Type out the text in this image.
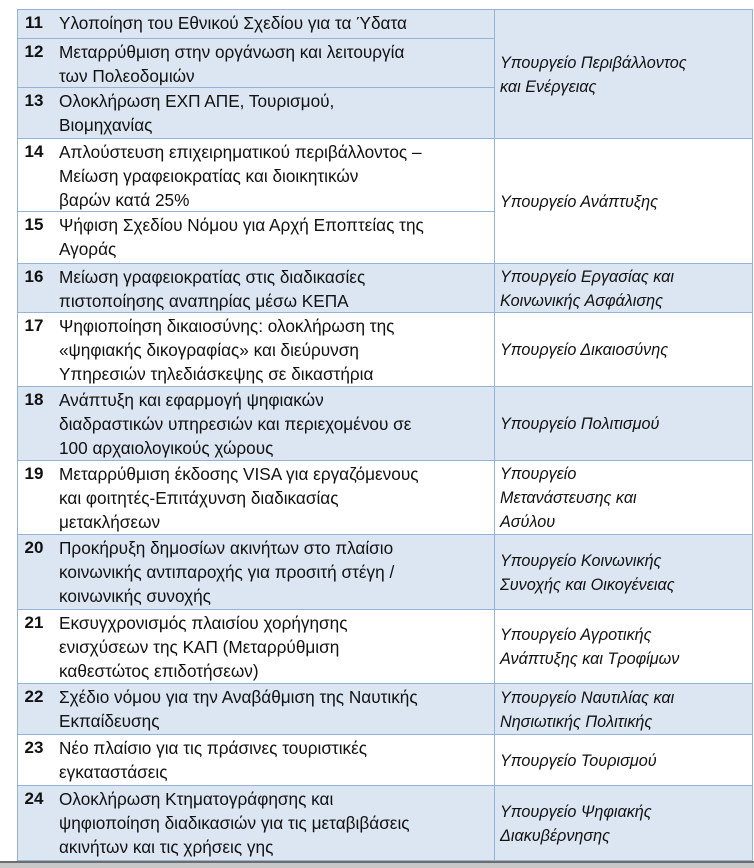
11 Υλοποίηση του Εθνικού Σχεδίου για τα Ύδατα
12 Μεταρρύθμιση στην οργάνωση και λειτουργία
των Πολεοδομιών
13 Ολοκλήρωση ΕΧΠ ΑΠΕ, Τουρισμού,
Βιομηχανίας
14 Απλούστευση επιχειρηματικού περιβάλλοντος –
Μείωση γραφειοκρατίας και διοικητικών
βαρών κατά 25%
15 Ψήφιση Σχεδίου Νόμου για Αρχή Εποπτείας της
Αγοράς
16 Μείωση γραφειοκρατίας στις διαδικασίες
πιστοποίησης αναπηρίας μέσω ΚΕΠΑ
17 Ψηφιοποίηση δικαιοσύνης: ολοκλήρωση της
«ψηφιακής δικογραφίας» και διεύρυνση
Υπηρεσιών τηλεδιάσκεψης σε δικαστήρια
18 Ανάπτυξη και εφαρμογή ψηφιακών
διαδραστικών υπηρεσιών και περιεχομένου σε
100 αρχαιολογικούς χώρους
19 Μεταρρύθμιση έκδοσης VISA για εργαζόμενους
και φοιτητές-Επιτάχυνση διαδικασίας
μετακλήσεων
20 Προκήρυξη δημοσίων ακινήτων στο πλαίσιο
κοινωνικής αντιπαροχής για προσιτή στέγη /
κοινωνικής συνοχής
21 Εκσυγχρονισμός πλαισίου χορήγησης
ενισχύσεων της ΚΑΠ (Μεταρρύθμιση
καθεστώτος επιδοτήσεων)
22 Σχέδιο νόμου για την Αναβάθμιση της Ναυτικής
Εκπαίδευσης
23 Νέο πλαίσιο για τις πράσινες τουριστικές
εγκαταστάσεις
24 Ολοκλήρωση Κτηματογράφησης και
ψηφιοποίηση διαδικασιών για τις μεταβιβάσεις
ακινήτων και τις χρήσεις γης
Υπουργείο Περιβάλλοντος
και Ενέργειας
Υπουργείο Ανάπτυξης
Υπουργείο Εργασίας και
Κοινωνικής Ασφάλισης
Υπουργείο Δικαιοσύνης
Υπουργείο Πολιτισμού
Υπουργείο
Μετανάστευσης και
Ασύλου
Υπουργείο Κοινωνικής
Συνοχής και Οικογένειας
Υπουργείο Αγροτικής
Ανάπτυξης και Τροφίμων
Υπουργείο Ναυτιλίας και
Νησιωτικής Πολιτικής
Υπουργείο Τουρισμού
Υπουργείο Ψηφιακής
Διακυβέρνησης
